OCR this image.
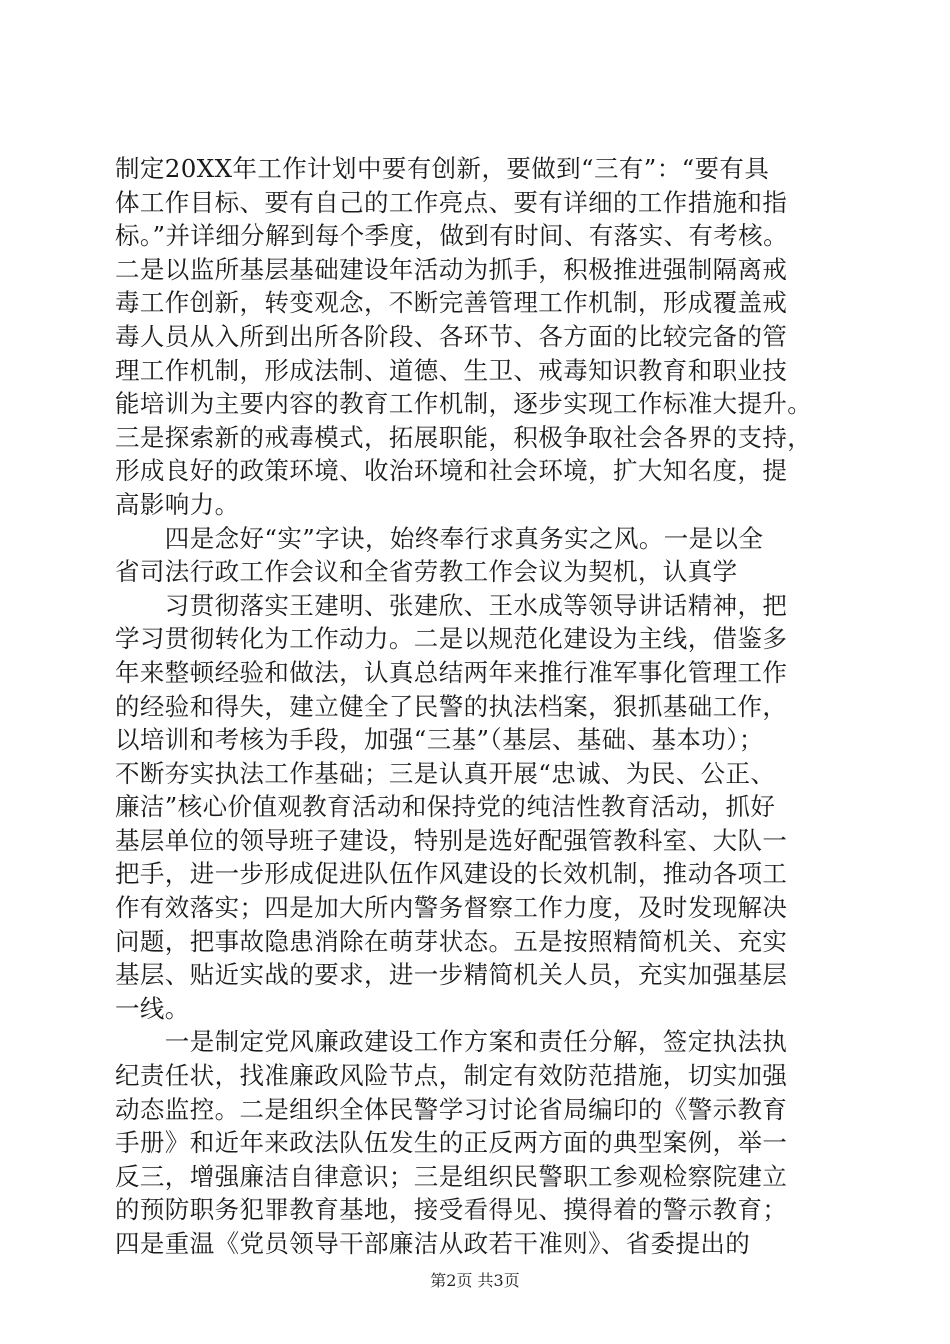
制定20XX年工作计划中要有创新，要做到“三有”：“要有具
体工作目标、要有自己的工作亮点、要有详细的工作措施和指
标。”并详细分解到每个季度，做到有时间、有落实、有考核。
二是以监所基层基础建设年活动为抓手，积极推进强制隔离戒
毒工作创新，转变观念，不断完善管理工作机制，形成覆盖戒
毒人员从入所到出所各阶段、各环节、各方面的比较完备的管
理工作机制，形成法制、道德、生卫、戒毒知识教育和职业技
能培训为主要内容的教育工作机制，逐步实现工作标准大提升。
三是探索新的戒毒模式，拓展职能，积极争取社会各界的支持，
形成良好的政策环境、收治环境和社会环境，扩大知名度，提
高影响力。
　　四是念好“实”字诀，始终奉行求真务实之风。一是以全
省司法行政工作会议和全省劳教工作会议为契机，认真学
　　习贯彻落实王建明、张建欣、王水成等领导讲话精神，把
学习贯彻转化为工作动力。二是以规范化建设为主线，借鉴多
年来整顿经验和做法，认真总结两年来推行准军事化管理工作
的经验和得失，建立健全了民警的执法档案，狠抓基础工作，
以培训和考核为手段，加强“三基”（基层、基础、基本功）；
不断夯实执法工作基础；三是认真开展“忠诚、为民、公正、
廉洁”核心价值观教育活动和保持党的纯洁性教育活动，抓好
基层单位的领导班子建设，特别是选好配强管教科室、大队一
把手，进一步形成促进队伍作风建设的长效机制，推动各项工
作有效落实；四是加大所内警务督察工作力度，及时发现解决
问题，把事故隐患消除在萌芽状态。五是按照精简机关、充实
基层、贴近实战的要求，进一步精简机关人员，充实加强基层
一线。
　　一是制定党风廉政建设工作方案和责任分解，签定执法执
纪责任状，找准廉政风险节点，制定有效防范措施，切实加强
动态监控。二是组织全体民警学习讨论省局编印的《警示教育
手册》和近年来政法队伍发生的正反两方面的典型案例，举一
反三，增强廉洁自律意识；三是组织民警职工参观检察院建立
的预防职务犯罪教育基地，接受看得见、摸得着的警示教育；
四是重温《党员领导干部廉洁从政若干准则》、省委提出的
第2页 共3页
